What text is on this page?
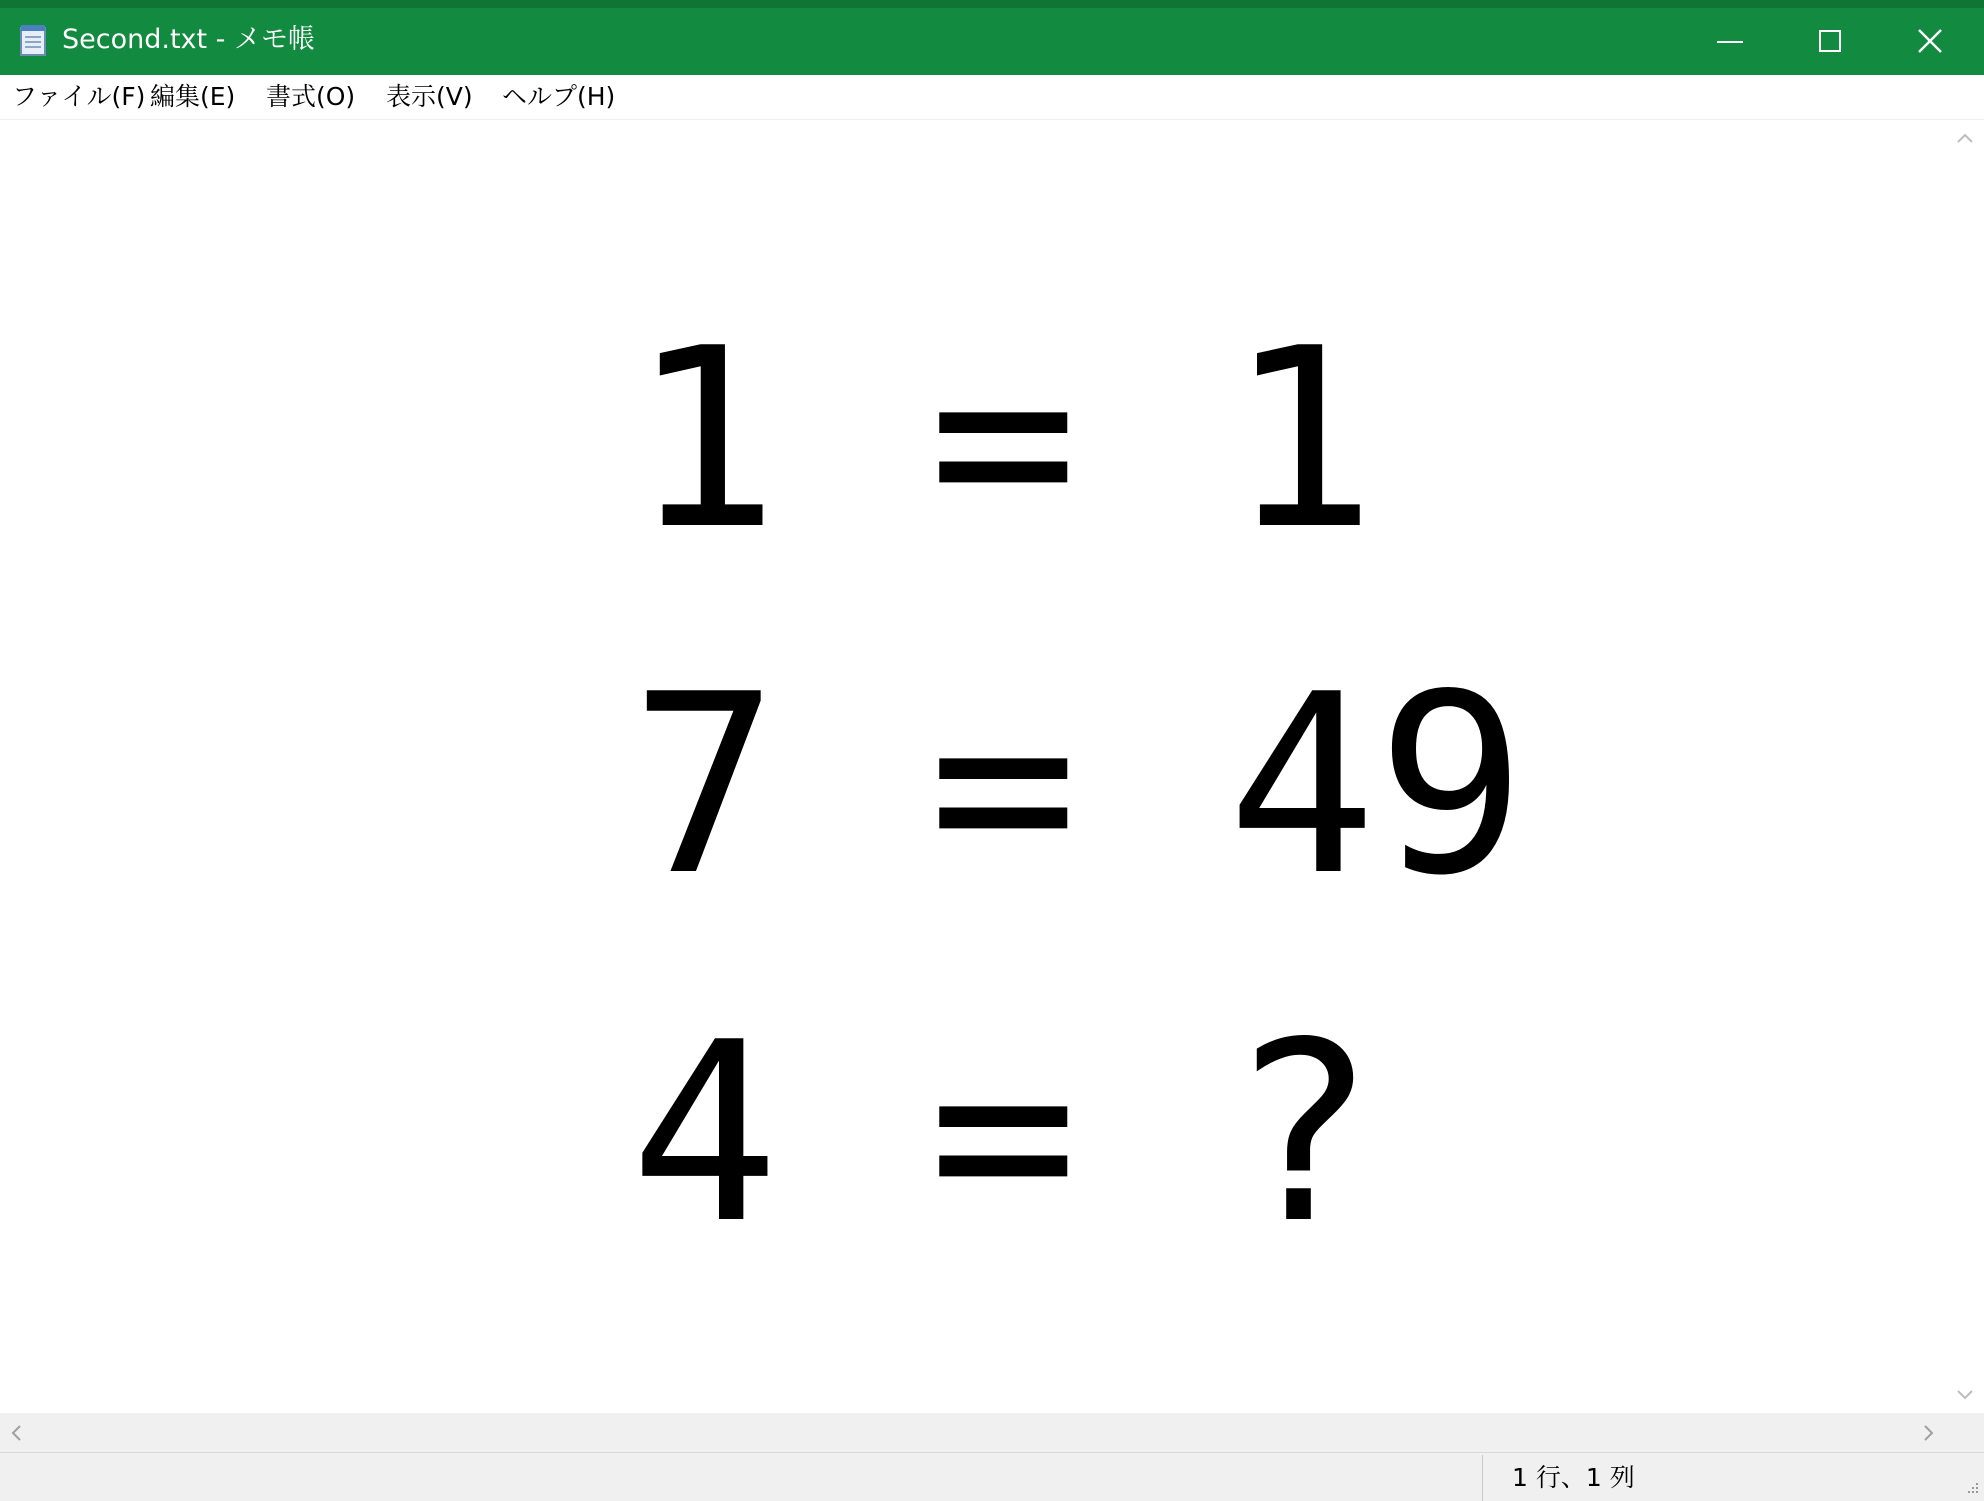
Second.txt - メモ帳
ファイル(F) 編集(E) 書式(O) 表示(V) ヘルプ(H)
1 = 1
7 = 49
4 = ?
1 行、1 列
